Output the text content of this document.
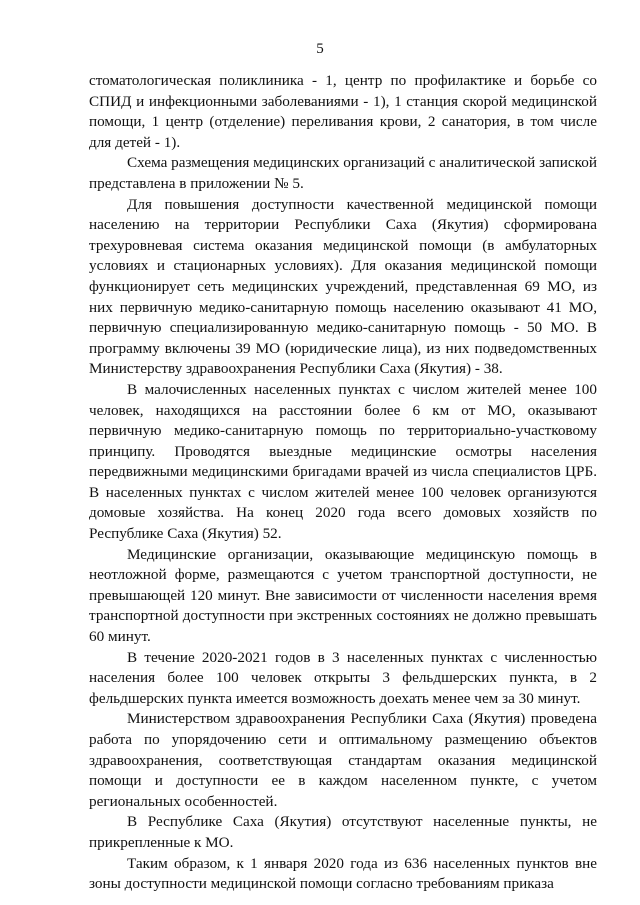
5

стоматологическая поликлиника - 1, центр по профилактике и борьбе со СПИД и инфекционными заболеваниями - 1), 1 станция скорой медицинской помощи, 1 центр (отделение) переливания крови, 2 санатория, в том числе для детей - 1).

Схема размещения медицинских организаций с аналитической запиской представлена в приложении № 5.

Для повышения доступности качественной медицинской помощи населению на территории Республики Саха (Якутия) сформирована трехуровневая система оказания медицинской помощи (в амбулаторных условиях и стационарных условиях). Для оказания медицинской помощи функционирует сеть медицинских учреждений, представленная 69 МО, из них первичную медико-санитарную помощь населению оказывают 41 МО, первичную специализированную медико-санитарную помощь - 50 МО. В программу включены 39 МО (юридические лица), из них подведомственных Министерству здравоохранения Республики Саха (Якутия) - 38.

В малочисленных населенных пунктах с числом жителей менее 100 человек, находящихся на расстоянии более 6 км от МО, оказывают первичную медико-санитарную помощь по территориально-участковому принципу. Проводятся выездные медицинские осмотры населения передвижными медицинскими бригадами врачей из числа специалистов ЦРБ. В населенных пунктах с числом жителей менее 100 человек организуются домовые хозяйства. На конец 2020 года всего домовых хозяйств по Республике Саха (Якутия) 52.

Медицинские организации, оказывающие медицинскую помощь в неотложной форме, размещаются с учетом транспортной доступности, не превышающей 120 минут. Вне зависимости от численности населения время транспортной доступности при экстренных состояниях не должно превышать 60 минут.

В течение 2020-2021 годов в 3 населенных пунктах с численностью населения более 100 человек открыты 3 фельдшерских пункта, в 2 фельдшерских пункта имеется возможность доехать менее чем за 30 минут.

Министерством здравоохранения Республики Саха (Якутия) проведена работа по упорядочению сети и оптимальному размещению объектов здравоохранения, соответствующая стандартам оказания медицинской помощи и доступности ее в каждом населенном пункте, с учетом региональных особенностей.

В Республике Саха (Якутия) отсутствуют населенные пункты, не прикрепленные к МО.

Таким образом, к 1 января 2020 года из 636 населенных пунктов вне зоны доступности медицинской помощи согласно требованиям приказа
